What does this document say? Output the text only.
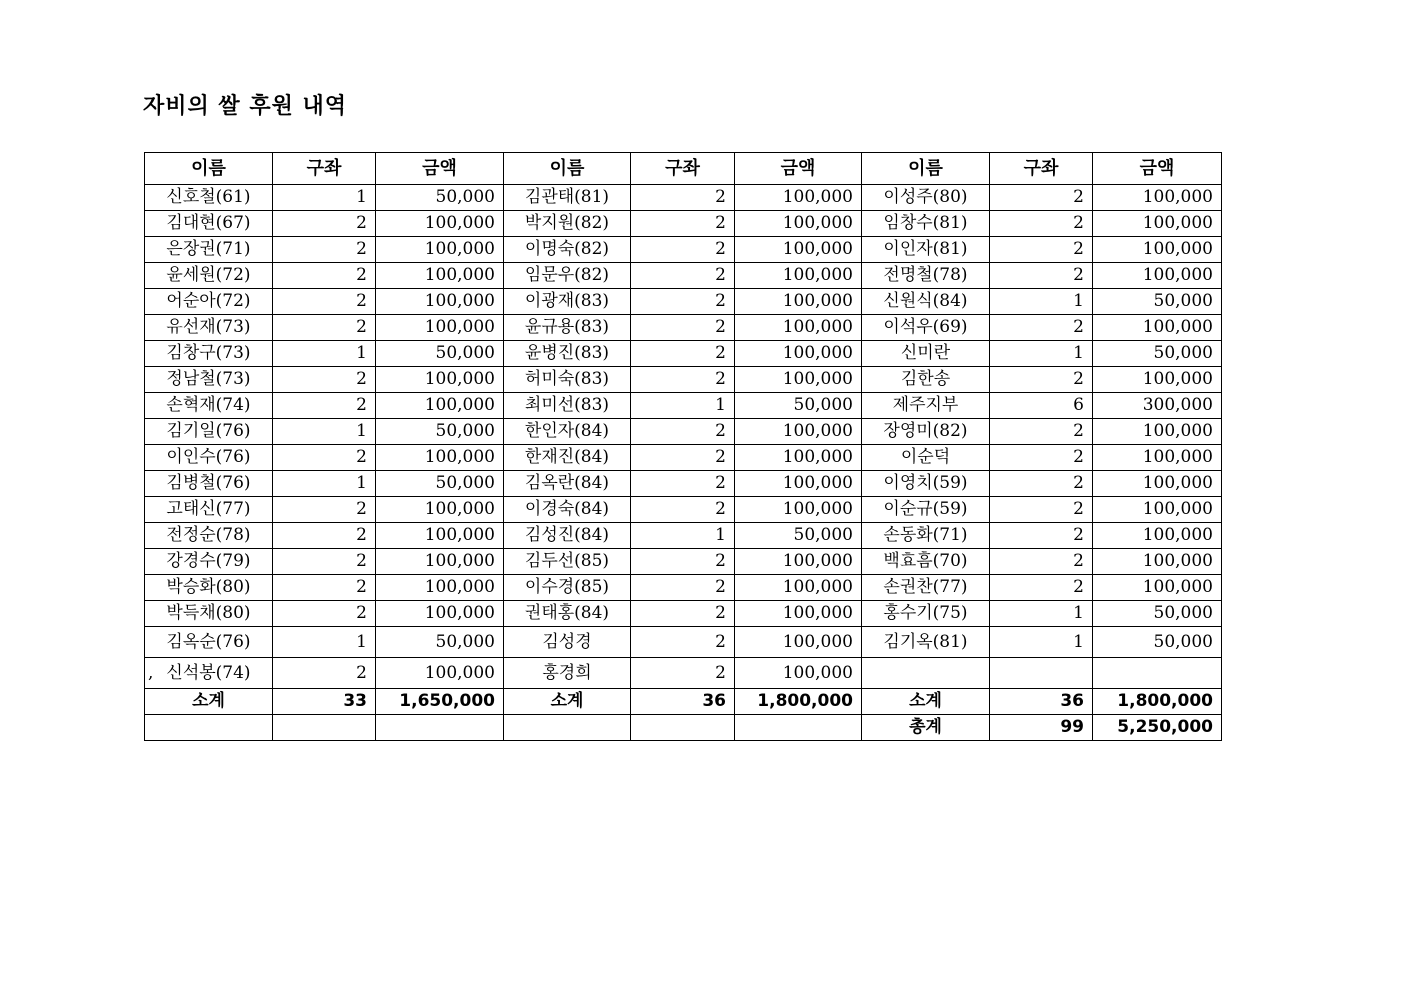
자비의 쌀 후원 내역
이름	구좌	금액	이름	구좌	금액	이름	구좌	금액
신호철(61)	1	50,000	김관태(81)	2	100,000	이성주(80)	2	100,000
김대현(67)	2	100,000	박지원(82)	2	100,000	임창수(81)	2	100,000
은장권(71)	2	100,000	이명숙(82)	2	100,000	이인자(81)	2	100,000
윤세원(72)	2	100,000	임문우(82)	2	100,000	전명철(78)	2	100,000
어순아(72)	2	100,000	이광재(83)	2	100,000	신원식(84)	1	50,000
유선재(73)	2	100,000	윤규용(83)	2	100,000	이석우(69)	2	100,000
김창구(73)	1	50,000	윤병진(83)	2	100,000	신미란	1	50,000
정남철(73)	2	100,000	허미숙(83)	2	100,000	김한송	2	100,000
손혁재(74)	2	100,000	최미선(83)	1	50,000	제주지부	6	300,000
김기일(76)	1	50,000	한인자(84)	2	100,000	장영미(82)	2	100,000
이인수(76)	2	100,000	한재진(84)	2	100,000	이순덕	2	100,000
김병철(76)	1	50,000	김옥란(84)	2	100,000	이영치(59)	2	100,000
고태신(77)	2	100,000	이경숙(84)	2	100,000	이순규(59)	2	100,000
전정순(78)	2	100,000	김성진(84)	1	50,000	손동화(71)	2	100,000
강경수(79)	2	100,000	김두선(85)	2	100,000	백효흠(70)	2	100,000
박승화(80)	2	100,000	이수경(85)	2	100,000	손권찬(77)	2	100,000
박득채(80)	2	100,000	권태홍(84)	2	100,000	홍수기(75)	1	50,000
김옥순(76)	1	50,000	김성경	2	100,000	김기옥(81)	1	50,000

, 신석봉(74)	2	100,000	홍경희	2	100,000			
소계	33	1,650,000	소계	36	1,800,000	소계	36	1,800,000
						총계	99	5,250,000
